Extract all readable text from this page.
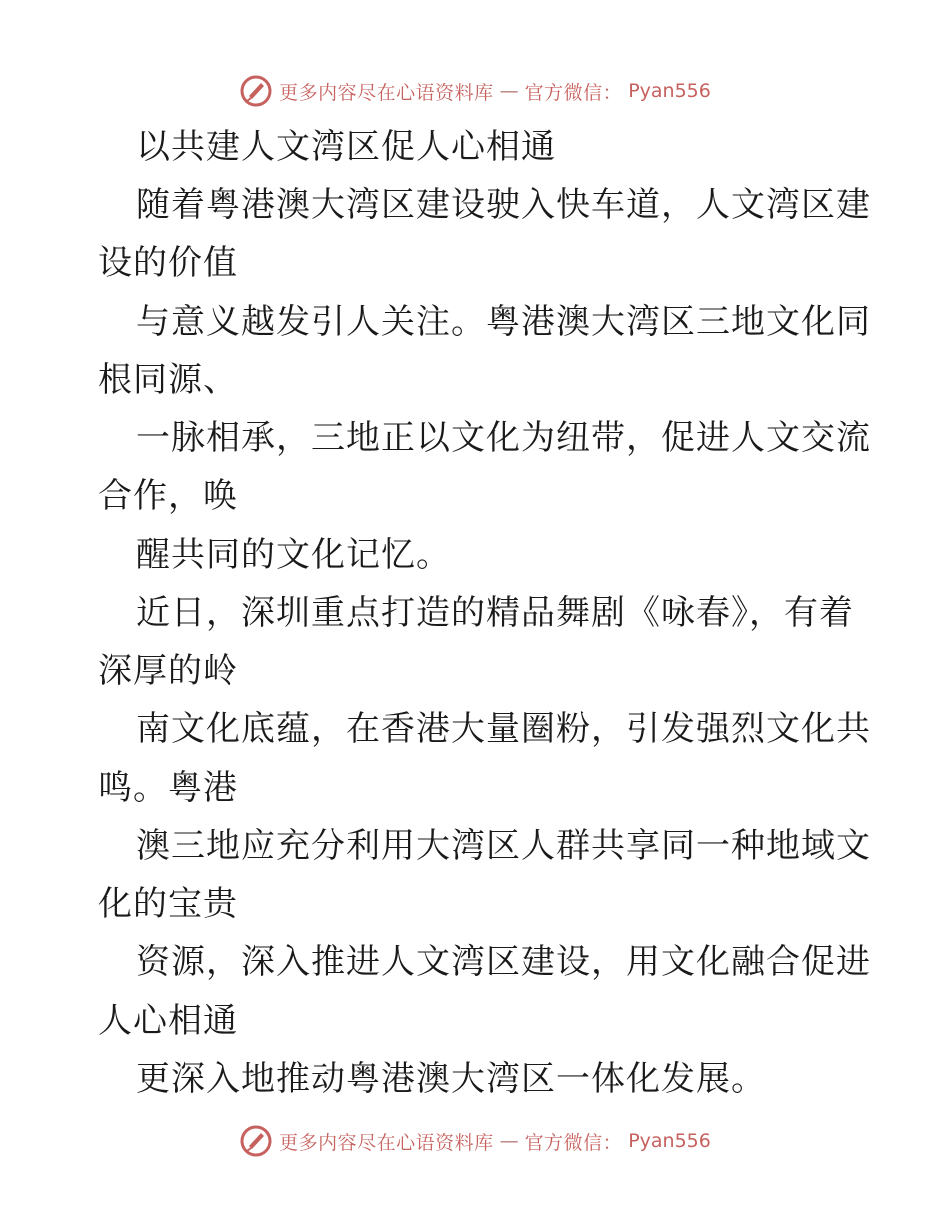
更多内容尽在心语资料库 — 官方微信： Pyan556
以共建人文湾区促人心相通
随着粤港澳大湾区建设驶入快车道，人文湾区建
设的价值
与意义越发引人关注。粤港澳大湾区三地文化同
根同源、
一脉相承，三地正以文化为纽带，促进人文交流
合作，唤
醒共同的文化记忆。
近日，深圳重点打造的精品舞剧《咏春》，有着
深厚的岭
南文化底蕴，在香港大量圈粉，引发强烈文化共
鸣。粤港
澳三地应充分利用大湾区人群共享同一种地域文
化的宝贵
资源，深入推进人文湾区建设，用文化融合促进
人心相通
更深入地推动粤港澳大湾区一体化发展。
更多内容尽在心语资料库 — 官方微信： Pyan556
